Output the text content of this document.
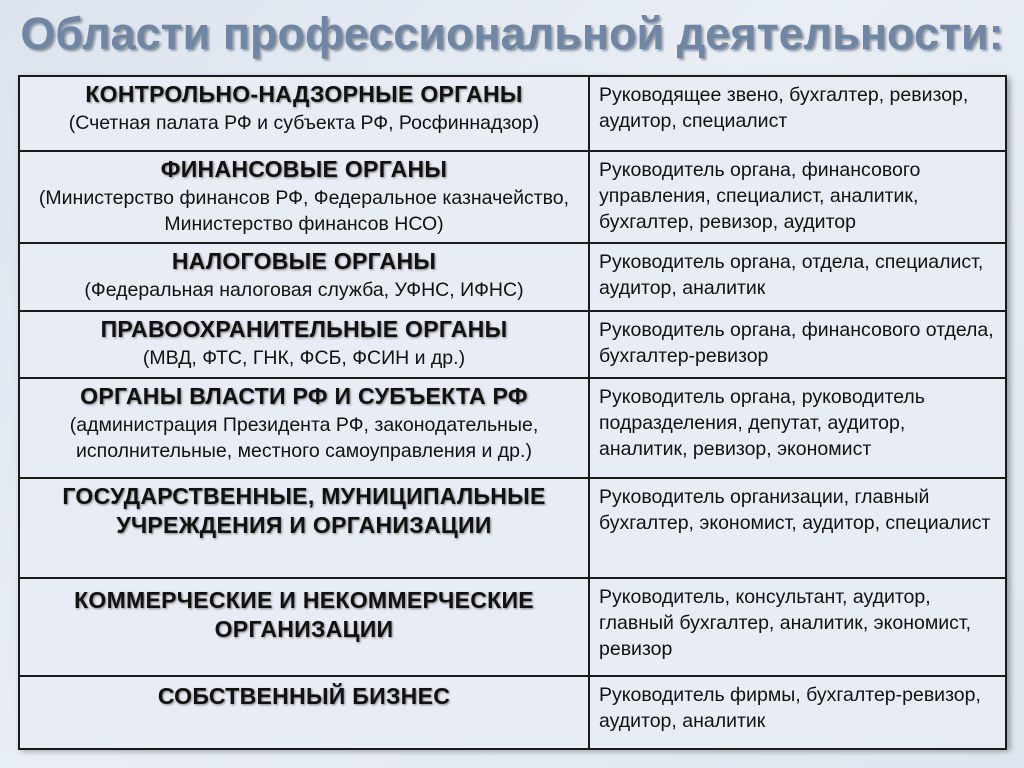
Области профессиональной деятельности:
КОНТРОЛЬНО-НАДЗОРНЫЕ ОРГАНЫ
(Счетная палата РФ и субъекта РФ, Росфиннадзор)	Руководящее звено, бухгалтер, ревизор, аудитор, специалист

ФИНАНСОВЫЕ ОРГАНЫ
(Министерство финансов РФ, Федеральное казначейство, Министерство финансов НСО)	Руководитель органа, финансового управления, специалист, аналитик, бухгалтер, ревизор, аудитор

НАЛОГОВЫЕ ОРГАНЫ
(Федеральная налоговая служба, УФНС, ИФНС)	Руководитель органа, отдела, специалист, аудитор, аналитик

ПРАВООХРАНИТЕЛЬНЫЕ ОРГАНЫ
(МВД, ФТС, ГНК, ФСБ, ФСИН и др.)	Руководитель органа, финансового отдела, бухгалтер-ревизор

ОРГАНЫ ВЛАСТИ РФ И СУБЪЕКТА РФ
(администрация Президента РФ, законодательные, исполнительные, местного самоуправления и др.)	Руководитель органа, руководитель подразделения, депутат, аудитор, аналитик, ревизор, экономист

ГОСУДАРСТВЕННЫЕ, МУНИЦИПАЛЬНЫЕ УЧРЕЖДЕНИЯ И ОРГАНИЗАЦИИ	Руководитель организации, главный бухгалтер, экономист, аудитор, специалист

КОММЕРЧЕСКИЕ И НЕКОММЕРЧЕСКИЕ ОРГАНИЗАЦИИ	Руководитель, консультант, аудитор, главный бухгалтер, аналитик, экономист, ревизор

СОБСТВЕННЫЙ БИЗНЕС	Руководитель фирмы, бухгалтер-ревизор, аудитор, аналитик
